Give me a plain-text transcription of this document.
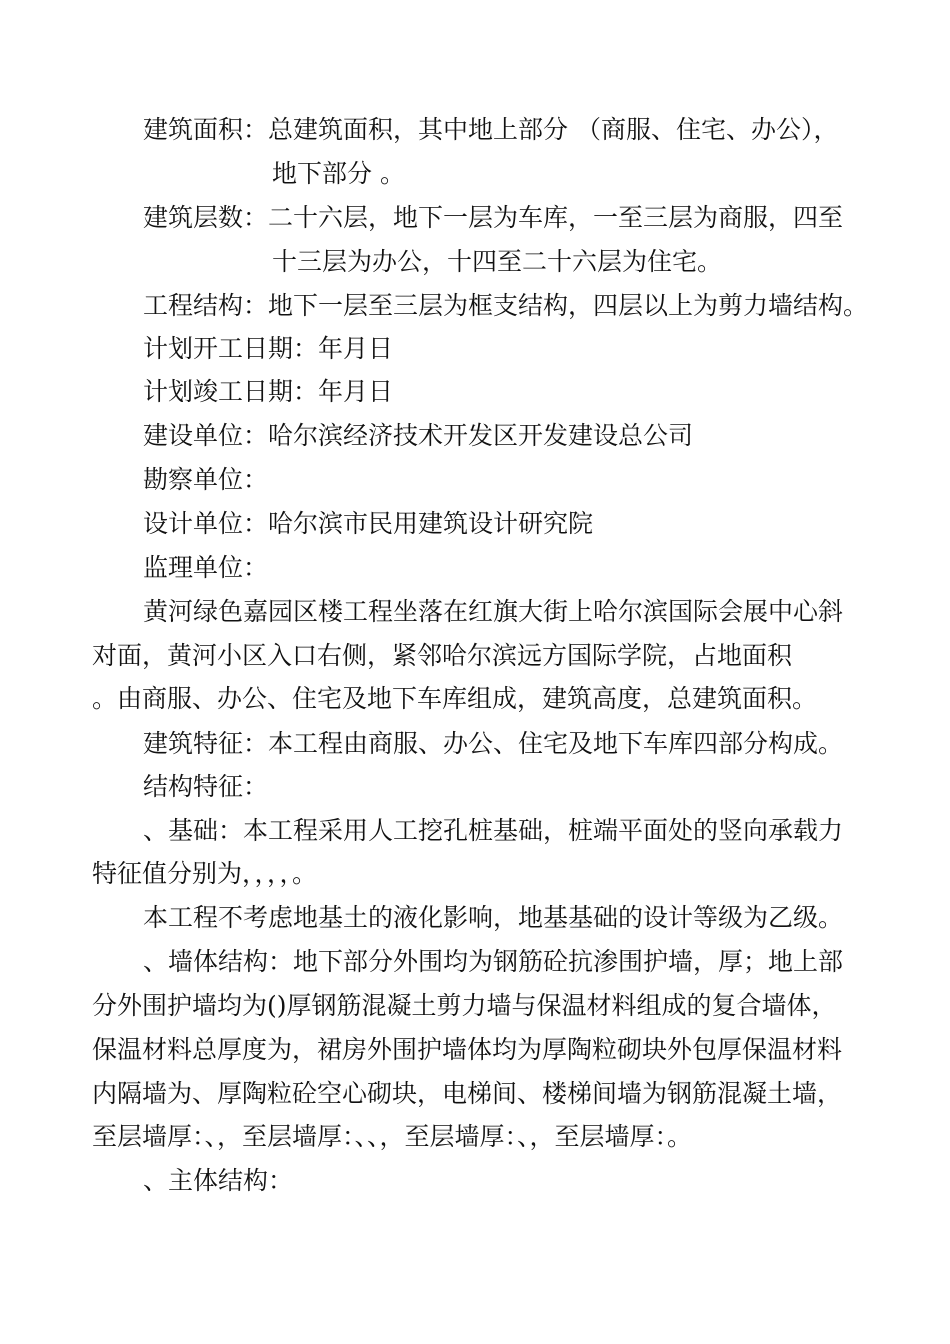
建筑面积：总建筑面积，其中地上部分 （商服、住宅、办公），
地下部分 。
建筑层数：二十六层，地下一层为车库，一至三层为商服，四至
十三层为办公，十四至二十六层为住宅。
工程结构：地下一层至三层为框支结构，四层以上为剪力墙结构。
计划开工日期：年月日
计划竣工日期：年月日
建设单位：哈尔滨经济技术开发区开发建设总公司
勘察单位：
设计单位：哈尔滨市民用建筑设计研究院
监理单位：
黄河绿色嘉园区楼工程坐落在红旗大街上哈尔滨国际会展中心斜
对面，黄河小区入口右侧，紧邻哈尔滨远方国际学院，占地面积
。由商服、办公、住宅及地下车库组成，建筑高度，总建筑面积。
建筑特征：本工程由商服、办公、住宅及地下车库四部分构成。
结构特征：
、基础：本工程采用人工挖孔桩基础，桩端平面处的竖向承载力
特征值分别为，，，，。
本工程不考虑地基土的液化影响，地基基础的设计等级为乙级。
、墙体结构：地下部分外围均为钢筋砼抗渗围护墙，厚；地上部
分外围护墙均为()厚钢筋混凝土剪力墙与保温材料组成的复合墙体，
保温材料总厚度为，裙房外围护墙体均为厚陶粒砌块外包厚保温材料
内隔墙为、厚陶粒砼空心砌块，电梯间、楼梯间墙为钢筋混凝土墙，
至层墙厚：、，至层墙厚：、、，至层墙厚：、，至层墙厚：。
、主体结构：
